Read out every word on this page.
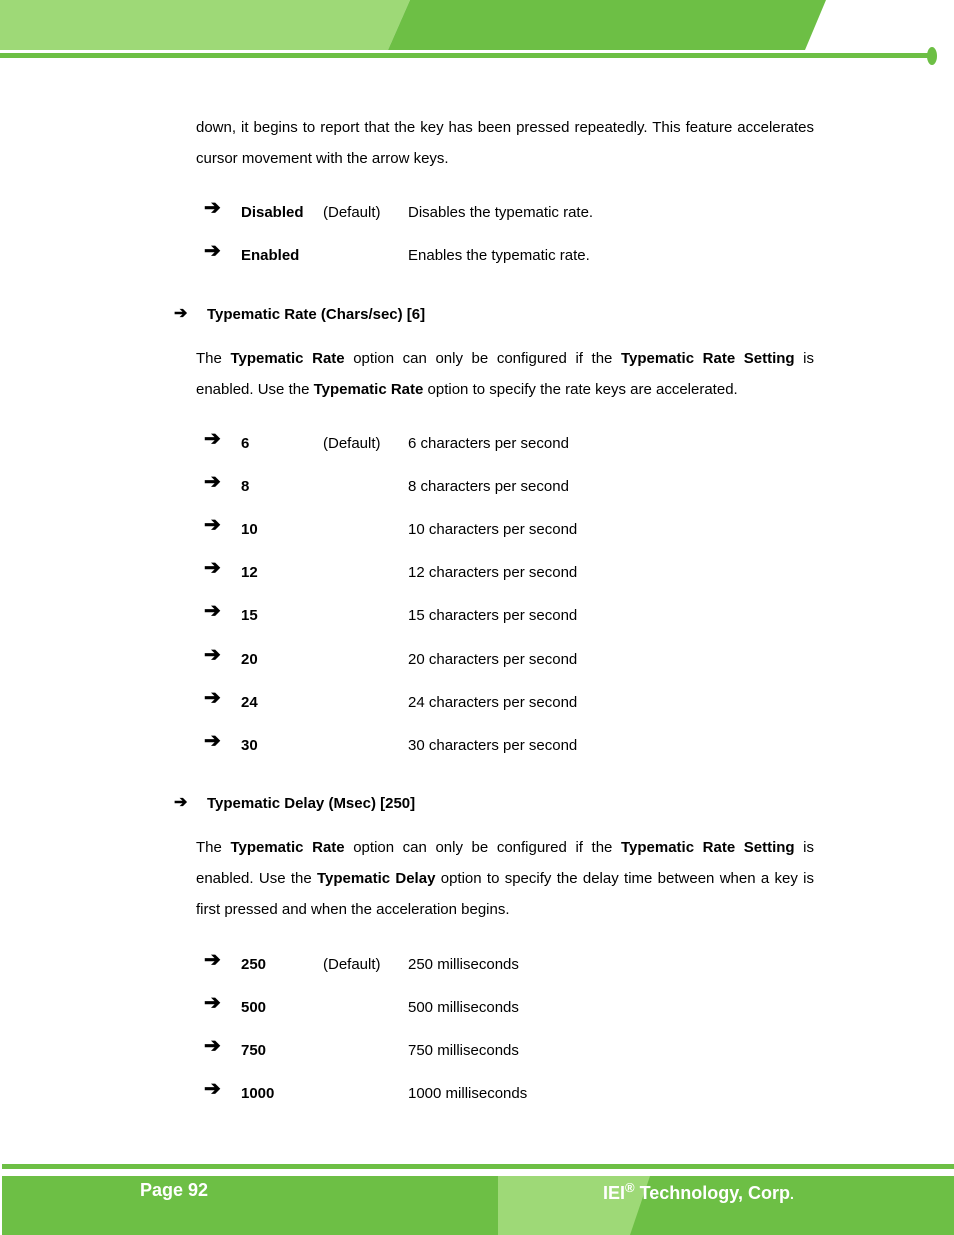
down, it begins to report that the key has been pressed repeatedly. This feature accelerates cursor movement with the arrow keys.
➔ Disabled (Default) Disables the typematic rate.
➔ Enabled	Enables the typematic rate.
➔ Typematic Rate (Chars/sec) [6]
The Typematic Rate option can only be configured if the Typematic Rate Setting is enabled. Use the Typematic Rate option to specify the rate keys are accelerated.
➔ 6	(Default) 6 characters per second
➔ 8	8 characters per second
➔ 10	10 characters per second
➔ 12	12 characters per second
➔ 15	15 characters per second
➔ 20	20 characters per second
➔ 24	24 characters per second
➔ 30	30 characters per second
➔ Typematic Delay (Msec) [250]
The Typematic Rate option can only be configured if the Typematic Rate Setting is enabled. Use the Typematic Delay option to specify the delay time between when a key is first pressed and when the acceleration begins.
➔ 250	(Default) 250 milliseconds
➔ 500	500 milliseconds
➔ 750	750 milliseconds
➔ 1000	1000 milliseconds
Page 92	IEI® Technology, Corp.
